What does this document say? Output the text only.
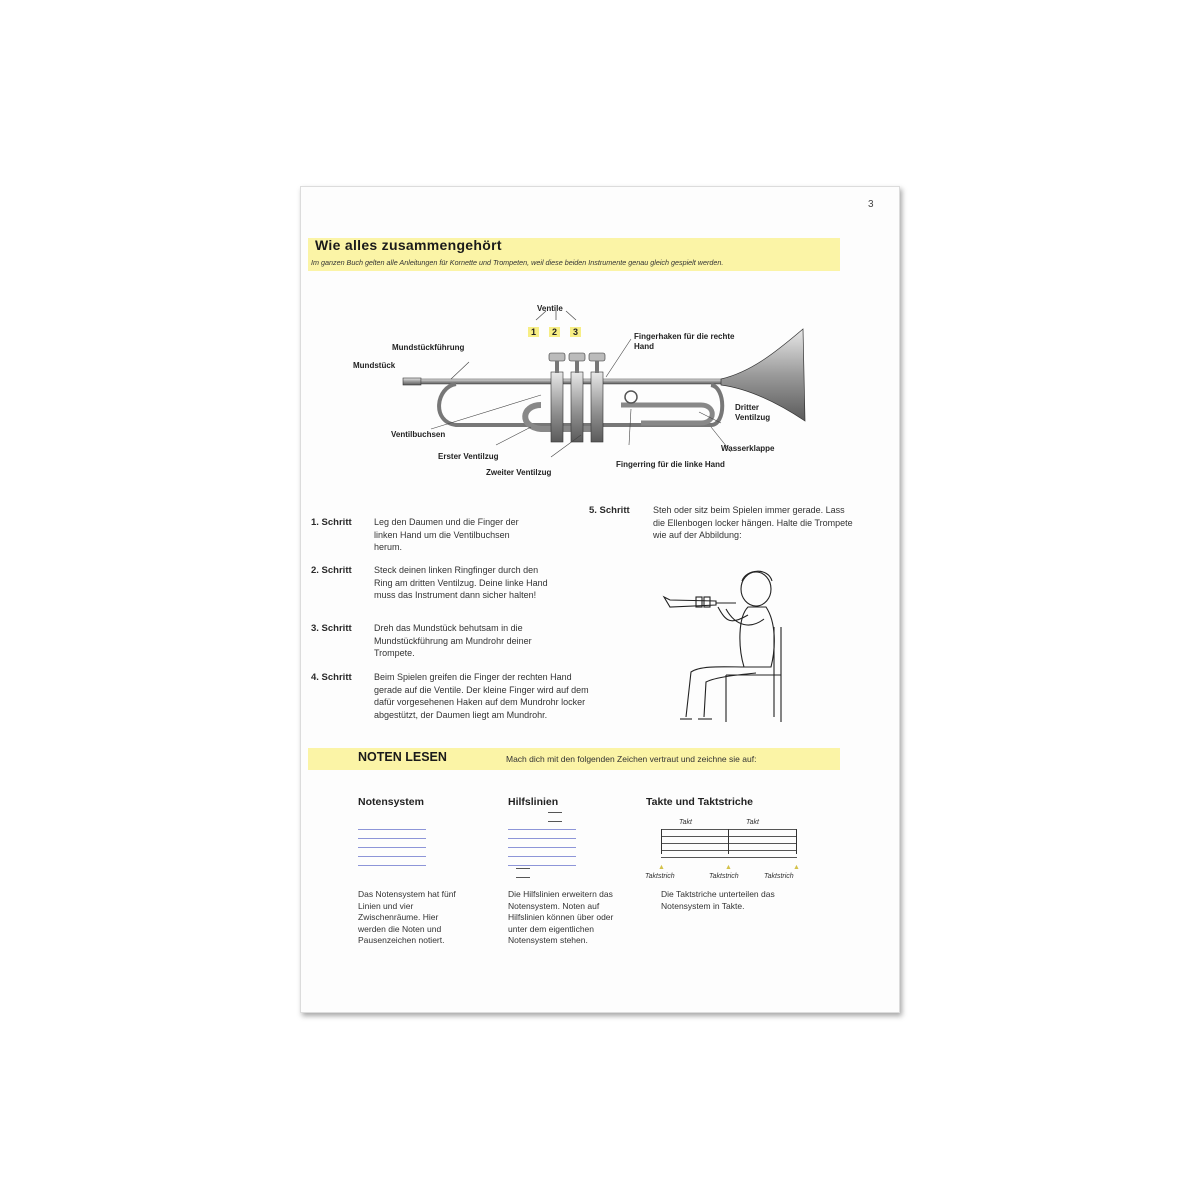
3
Wie alles zusammengehört
Im ganzen Buch gelten alle Anleitungen für Kornette und Trompeten, weil diese beiden Instrumente genau gleich gespielt werden.
Ventile
1	2	3
Mundstückführung
Mundstück
Ventilbuchsen
Erster Ventilzug
Zweiter Ventilzug
Fingerhaken für die rechte Hand
Dritter Ventilzug
Wasserklappe
Fingerring für die linke Hand
1. Schritt Leg den Daumen und die Finger der linken Hand um die Ventilbuchsen herum.
2. Schritt Steck deinen linken Ringfinger durch den Ring am dritten Ventilzug. Deine linke Hand muss das Instrument dann sicher halten!
3. Schritt Dreh das Mundstück behutsam in die Mundstückführung am Mundrohr deiner Trompete.
4. Schritt Beim Spielen greifen die Finger der rechten Hand gerade auf die Ventile. Der kleine Finger wird auf dem dafür vorgesehenen Haken auf dem Mundrohr locker abgestützt, der Daumen liegt am Mundrohr.
5. Schritt	Steh oder sitz beim Spielen immer gerade. Lass die Ellenbogen locker hängen. Halte die Trompete wie auf der Abbildung:
NOTEN LESEN	Mach dich mit den folgenden Zeichen vertraut und zeichne sie auf:
Notensystem
Das Notensystem hat fünf Linien und vier Zwischenräume. Hier werden die Noten und Pausenzeichen notiert.
Hilfslinien
Die Hilfslinien erweitern das Notensystem. Noten auf Hilfslinien können über oder unter dem eigentlichen Notensystem stehen.
Takte und Taktstriche
Takt	Takt
▲	▲	▲
Taktstrich	Taktstrich	Taktstrich
Die Taktstriche unterteilen das Notensystem in Takte.
